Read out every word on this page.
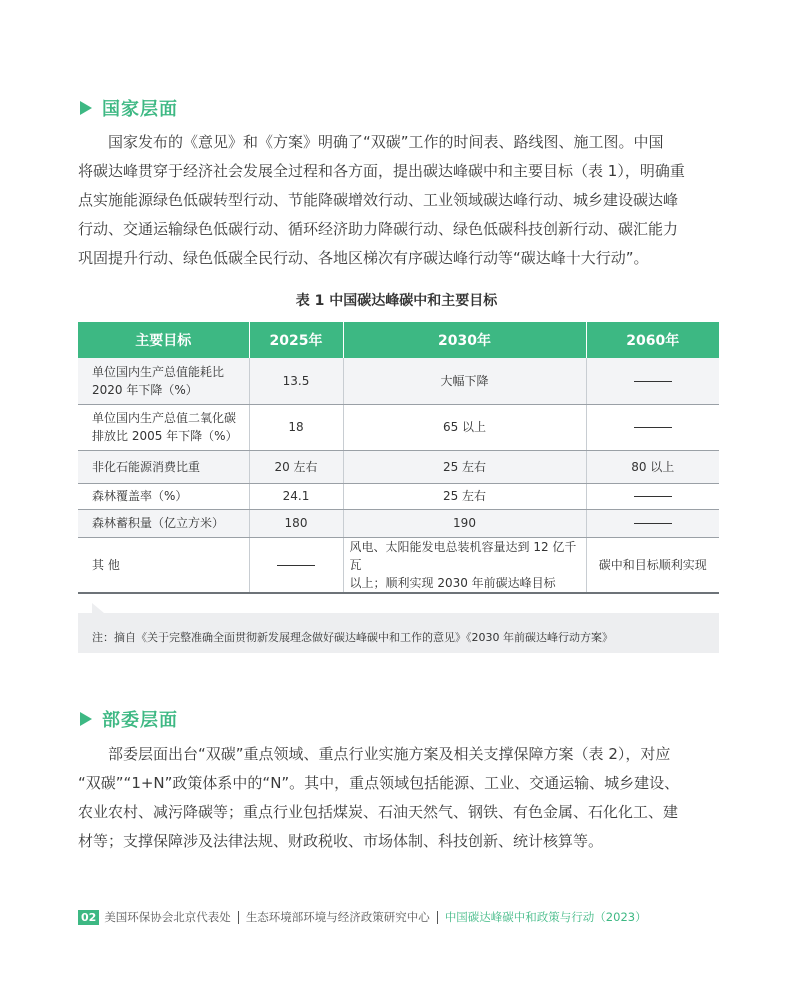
国家层面
国家发布的《意见》和《方案》明确了“双碳”工作的时间表、路线图、施工图。中国
将碳达峰贯穿于经济社会发展全过程和各方面，提出碳达峰碳中和主要目标（表 1），明确重
点实施能源绿色低碳转型行动、节能降碳增效行动、工业领域碳达峰行动、城乡建设碳达峰
行动、交通运输绿色低碳行动、循环经济助力降碳行动、绿色低碳科技创新行动、碳汇能力
巩固提升行动、绿色低碳全民行动、各地区梯次有序碳达峰行动等“碳达峰十大行动”。
表 1 中国碳达峰碳中和主要目标
主要目标	2025年	2030年	2060年
单位国内生产总值能耗比
2020 年下降（%）	13.5	大幅下降	
单位国内生产总值二氧化碳
排放比 2005 年下降（%）	18	65 以上	
非化石能源消费比重	20 左右	25 左右	80 以上
森林覆盖率（%）	24.1	25 左右	
森林蓄积量（亿立方米）	180	190	
其 他		风电、太阳能发电总装机容量达到 12 亿千瓦
以上；顺利实现 2030 年前碳达峰目标	碳中和目标顺利实现
注：摘自《关于完整准确全面贯彻新发展理念做好碳达峰碳中和工作的意见》《2030 年前碳达峰行动方案》
部委层面
部委层面出台“双碳”重点领域、重点行业实施方案及相关支撑保障方案（表 2），对应
“双碳”“1+N”政策体系中的“N”。其中，重点领域包括能源、工业、交通运输、城乡建设、
农业农村、减污降碳等；重点行业包括煤炭、石油天然气、钢铁、有色金属、石化化工、建
材等；支撑保障涉及法律法规、财政税收、市场体制、科技创新、统计核算等。
02 美国环保协会北京代表处 生态环境部环境与经济政策研究中心 中国碳达峰碳中和政策与行动（2023）
